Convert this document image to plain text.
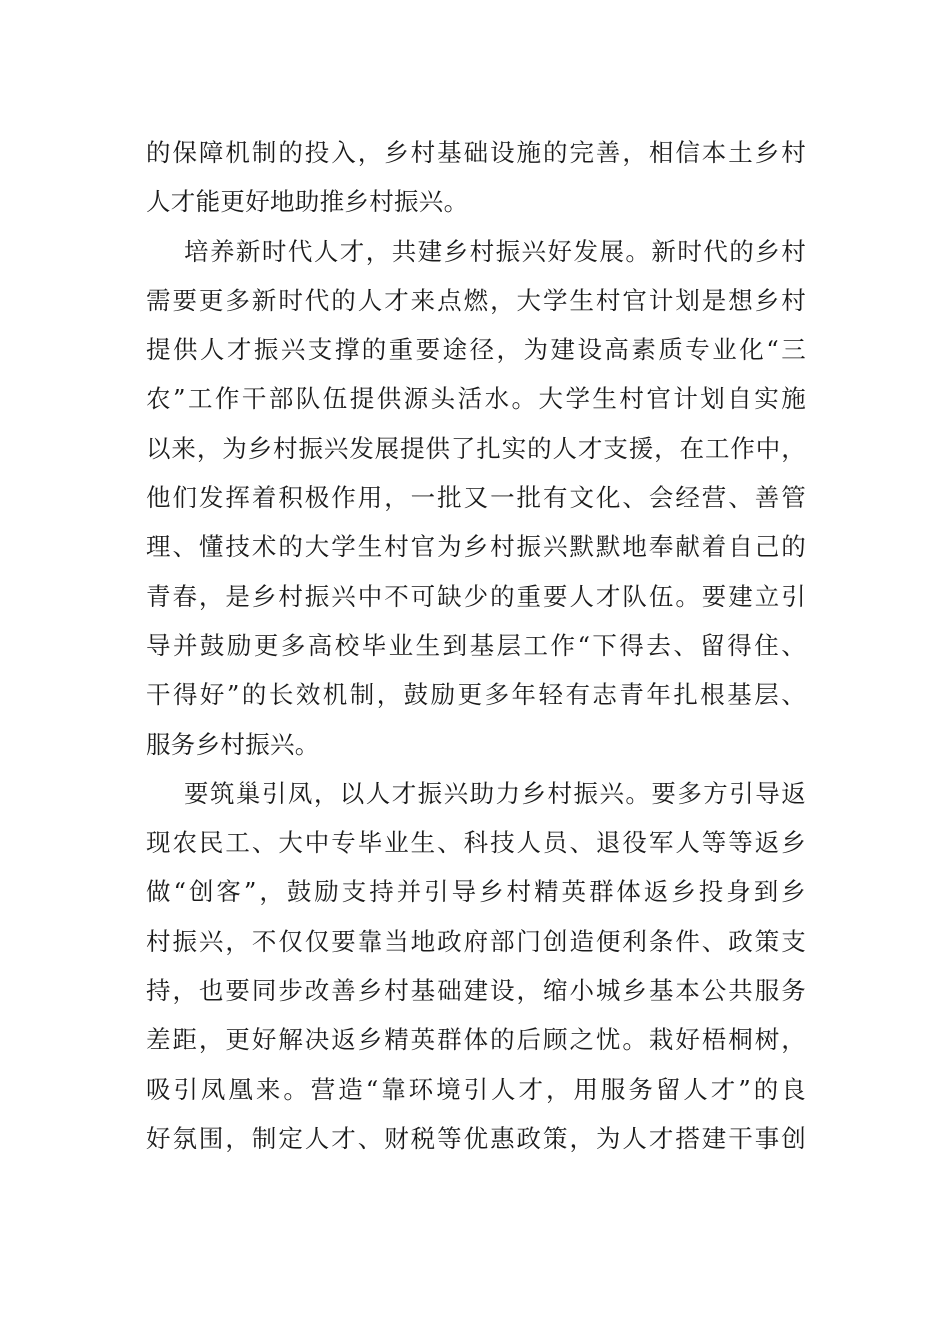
的保障机制的投入，乡村基础设施的完善，相信本土乡村
人才能更好地助推乡村振兴。
培养新时代人才，共建乡村振兴好发展。新时代的乡村
需要更多新时代的人才来点燃，大学生村官计划是想乡村
提供人才振兴支撑的重要途径，为建设高素质专业化“三
农”工作干部队伍提供源头活水。大学生村官计划自实施
以来，为乡村振兴发展提供了扎实的人才支援，在工作中，
他们发挥着积极作用，一批又一批有文化、会经营、善管
理、懂技术的大学生村官为乡村振兴默默地奉献着自己的
青春，是乡村振兴中不可缺少的重要人才队伍。要建立引
导并鼓励更多高校毕业生到基层工作“下得去、留得住、
干得好”的长效机制，鼓励更多年轻有志青年扎根基层、
服务乡村振兴。
要筑巢引凤，以人才振兴助力乡村振兴。要多方引导返
现农民工、大中专毕业生、科技人员、退役军人等等返乡
做“创客”，鼓励支持并引导乡村精英群体返乡投身到乡
村振兴，不仅仅要靠当地政府部门创造便利条件、政策支
持，也要同步改善乡村基础建设，缩小城乡基本公共服务
差距，更好解决返乡精英群体的后顾之忧。栽好梧桐树，
吸引凤凰来。营造“靠环境引人才，用服务留人才”的良
好氛围，制定人才、财税等优惠政策，为人才搭建干事创
